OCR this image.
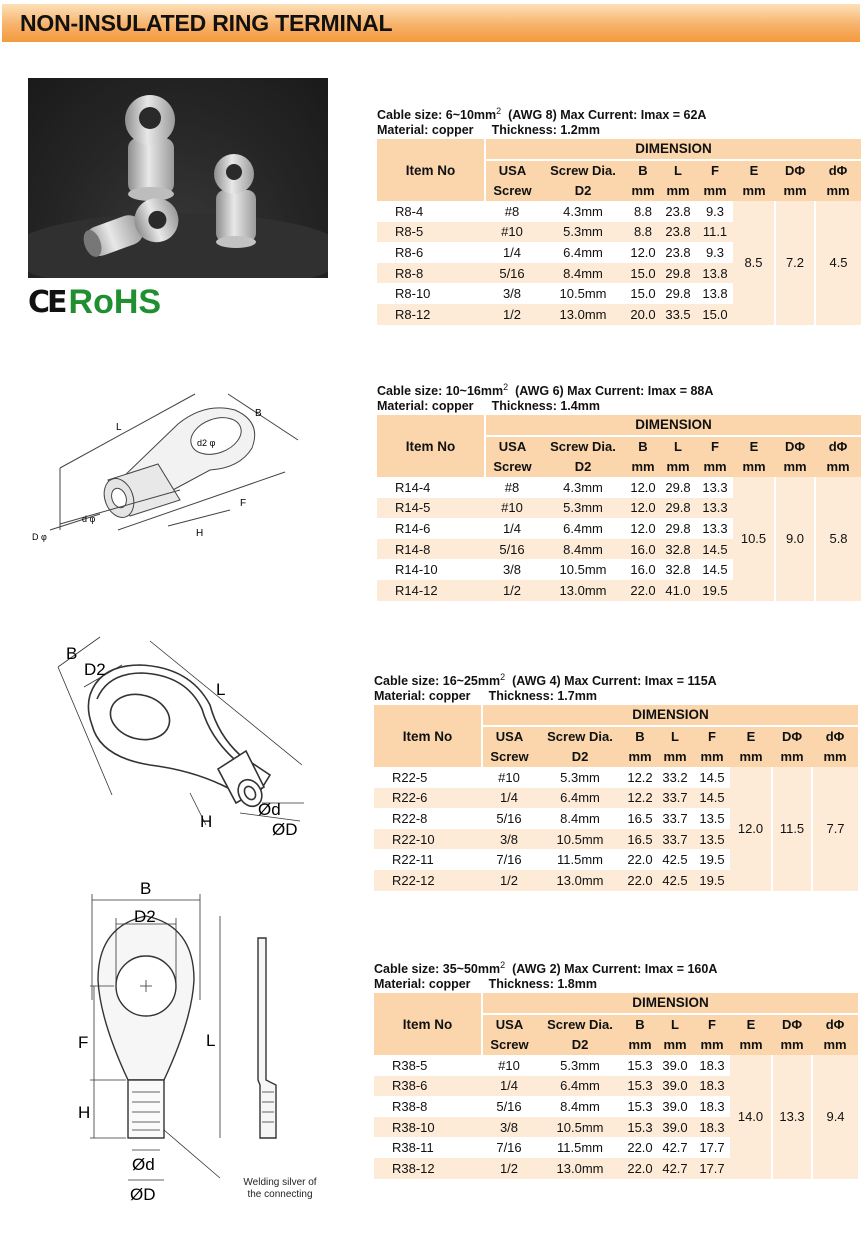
NON-INSULATED RING TERMINAL
CE RoHS
Cable size: $6\sim 10mm^2$ (AWG 8) Max Current: Imax = 62A
Material: copper Thickness: 1.2mm
Item No	DIMENSION							
	USA	Screw Dia.	B	L	F	E	DΦ	dΦ
	Screw	D2	mm	mm	mm	mm	mm	mm
R8-4	#8	4.3mm	8.8	23.8	9.3	8.5	7.2	4.5
R8-5	#10	5.3mm	8.8	23.8	11.1			
R8-6	1/4	6.4mm	12.0	23.8	9.3			
R8-8	5/16	8.4mm	15.0	29.8	13.8			
R8-10	3/8	10.5mm	15.0	29.8	13.8			
R8-12	1/2	13.0mm	20.0	33.5	15.0			
Cable size: $10\sim 16mm^2$ (AWG 6) Max Current: Imax = 88A
Material: copper Thickness: 1.4mm
Item No	DIMENSION							
	USA	Screw Dia.	B	L	F	E	DΦ	dΦ
	Screw	D2	mm	mm	mm	mm	mm	mm
R14-4	#8	4.3mm	12.0	29.8	13.3	10.5	9.0	5.8
R14-5	#10	5.3mm	12.0	29.8	13.3			
R14-6	1/4	6.4mm	12.0	29.8	13.3			
R14-8	5/16	8.4mm	16.0	32.8	14.5			
R14-10	3/8	10.5mm	16.0	32.8	14.5			
R14-12	1/2	13.0mm	22.0	41.0	19.5			
Cable size: $16\sim 25mm^2$ (AWG 4) Max Current: Imax = 115A
Material: copper Thickness: 1.7mm
Item No	DIMENSION							
	USA	Screw Dia.	B	L	F	E	DΦ	dΦ
	Screw	D2	mm	mm	mm	mm	mm	mm
R22-5	#10	5.3mm	12.2	33.2	14.5	12.0	11.5	7.7
R22-6	1/4	6.4mm	12.2	33.7	14.5			
R22-8	5/16	8.4mm	16.5	33.7	13.5			
R22-10	3/8	10.5mm	16.5	33.7	13.5			
R22-11	7/16	11.5mm	22.0	42.5	19.5			
R22-12	1/2	13.0mm	22.0	42.5	19.5			
Cable size: $35\sim 50mm^2$ (AWG 2) Max Current: Imax = 160A
Material: copper Thickness: 1.8mm
Item No	DIMENSION							
	USA	Screw Dia.	B	L	F	E	DΦ	dΦ
	Screw	D2	mm	mm	mm	mm	mm	mm
R38-5	#10	5.3mm	15.3	39.0	18.3	14.0	13.3	9.4
R38-6	1/4	6.4mm	15.3	39.0	18.3			
R38-8	5/16	8.4mm	15.3	39.0	18.3			
R38-10	3/8	10.5mm	15.3	39.0	18.3			
R38-11	7/16	11.5mm	22.0	42.7	17.7			
R38-12	1/2	13.0mm	22.0	42.7	17.7			
L
B
d2 φ
d φ
D φ
F
H
B
D2
L
H
Ød
ØD
B
D2
F	L
H
Ød
ØD
Welding silver of
the connecting
